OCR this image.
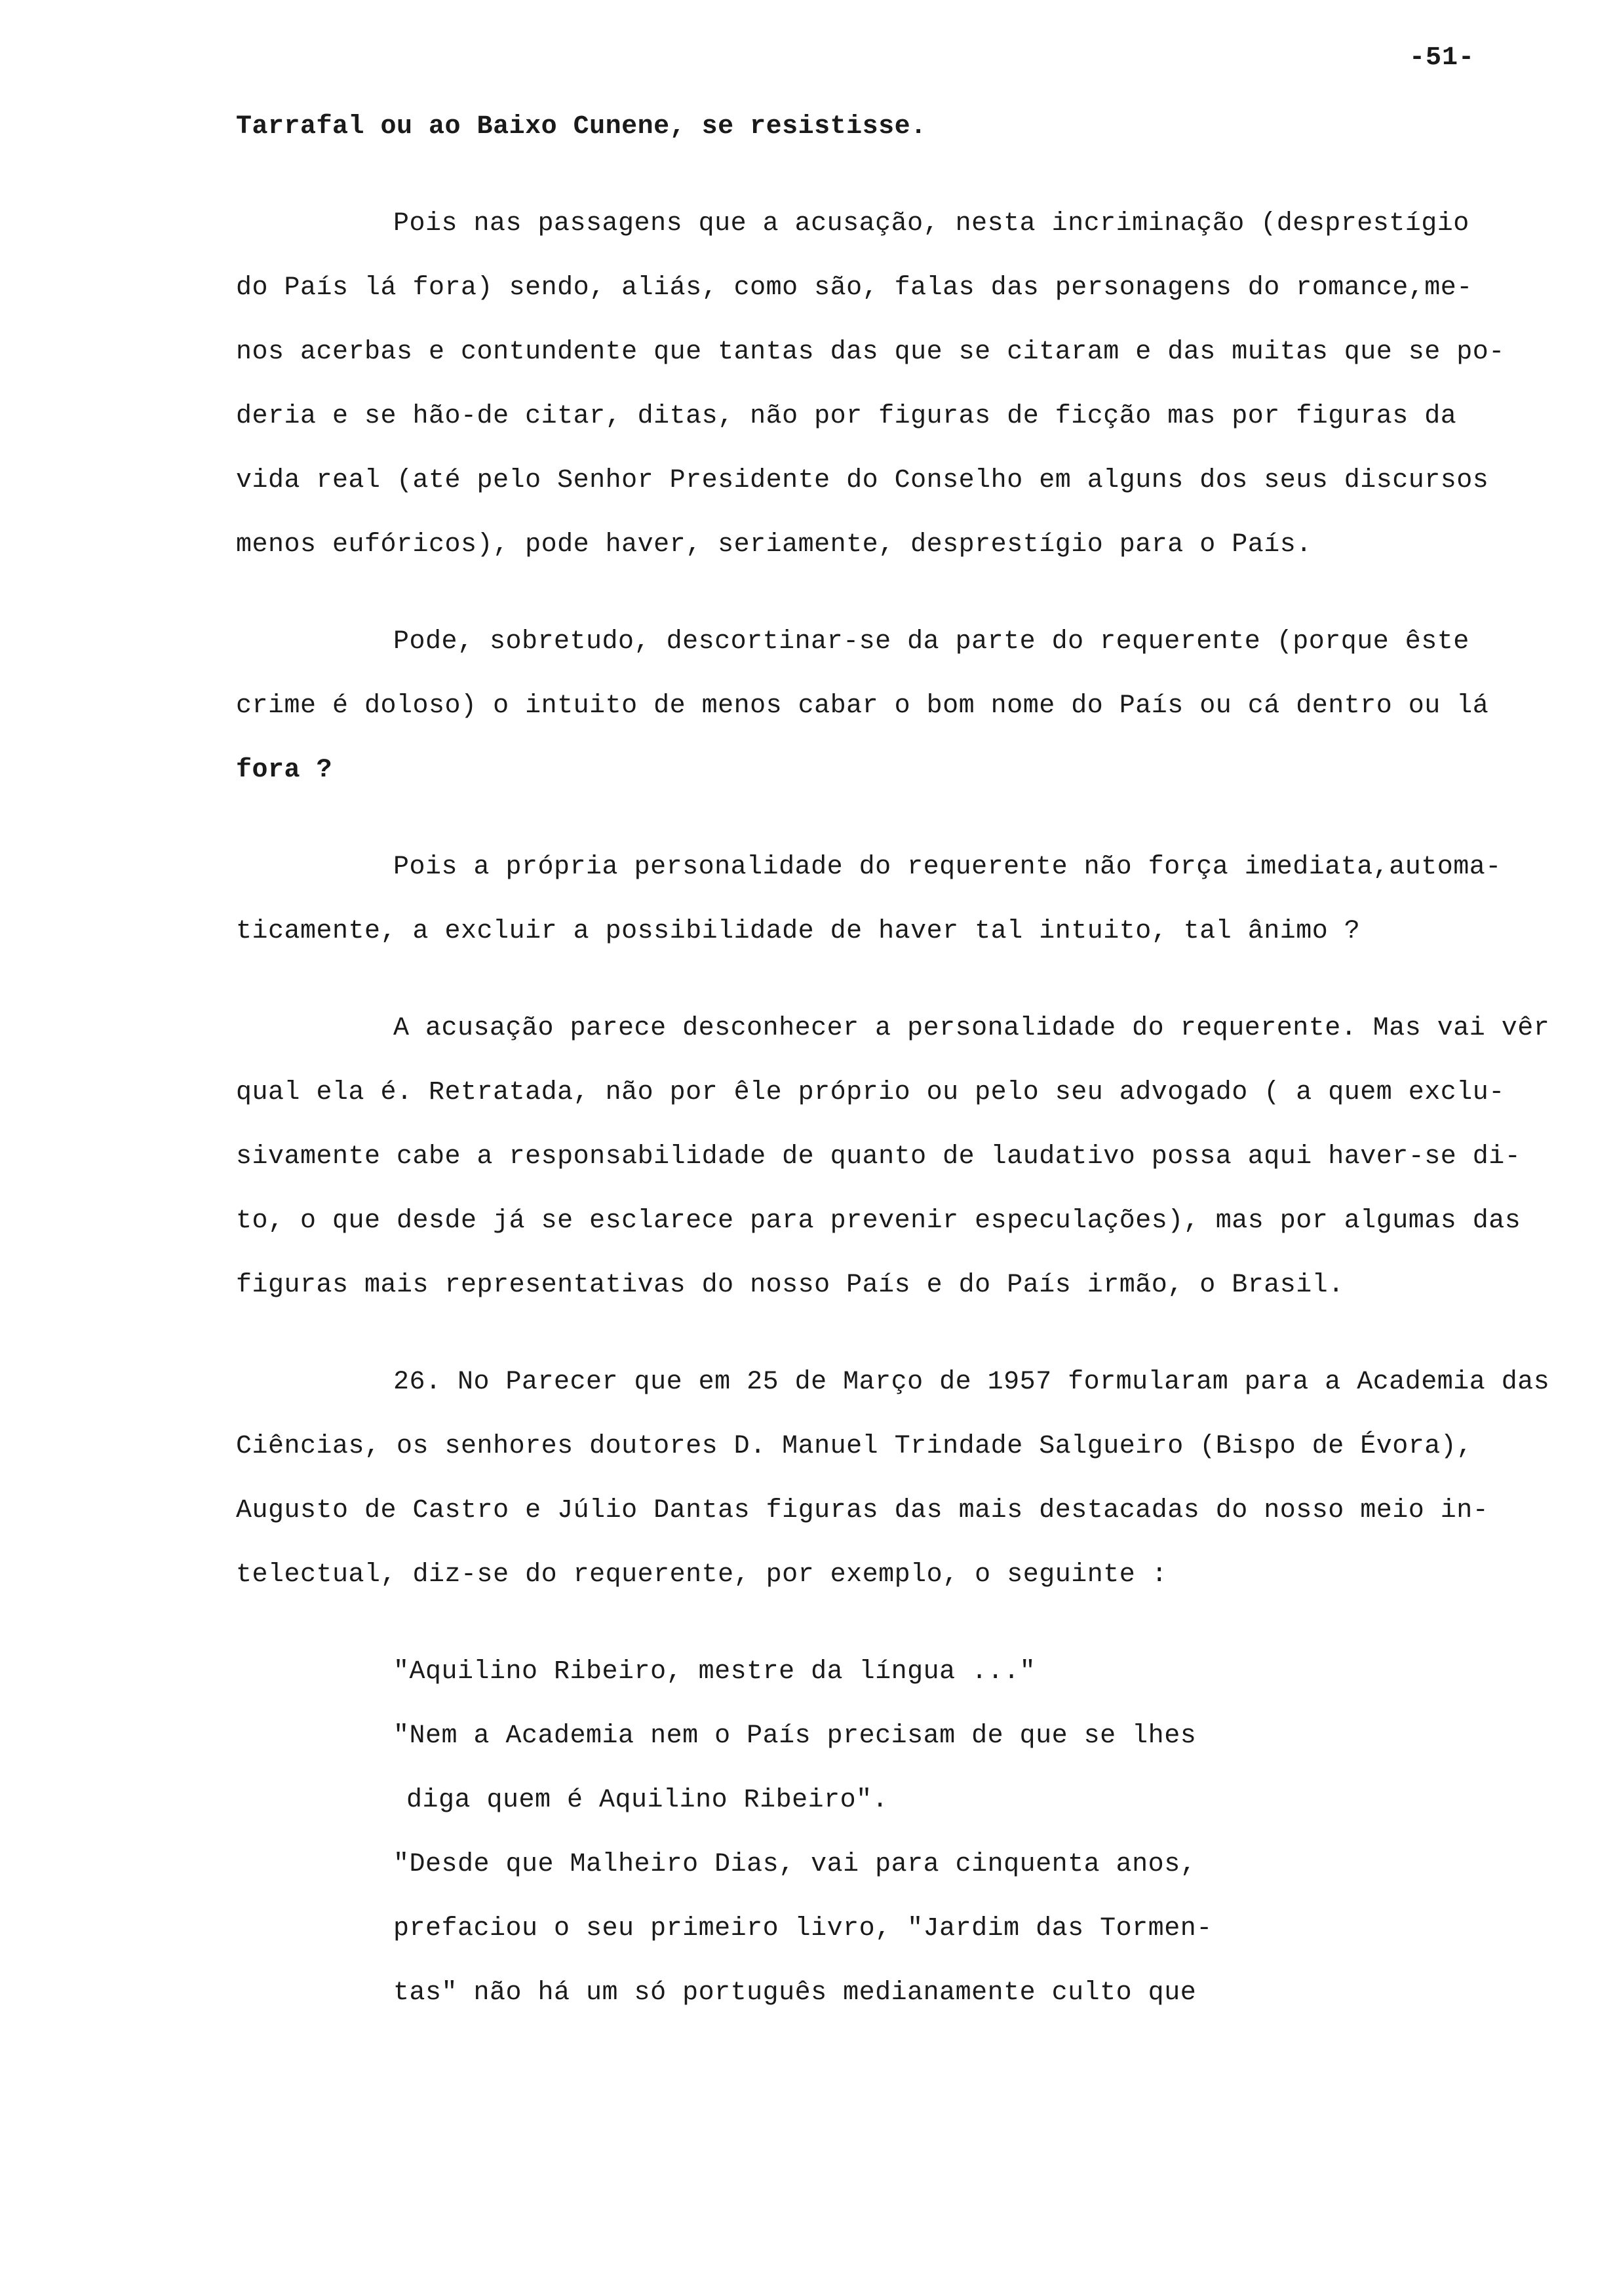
-51-
Tarrafal ou ao Baixo Cunene, se resistisse.
Pois nas passagens que a acusação, nesta incriminação (desprestígio
do País lá fora) sendo, aliás, como são, falas das personagens do romance,me-
nos acerbas e contundente que tantas das que se citaram e das muitas que se po-
deria e se hão-de citar, ditas, não por figuras de ficção mas por figuras da
vida real (até pelo Senhor Presidente do Conselho em alguns dos seus discursos
menos eufóricos), pode haver, seriamente, desprestígio para o País.
Pode, sobretudo, descortinar-se da parte do requerente (porque êste
crime é doloso) o intuito de menos cabar o bom nome do País ou cá dentro ou lá
fora ?
Pois a própria personalidade do requerente não força imediata,automa-
ticamente, a excluir a possibilidade de haver tal intuito, tal ânimo ?
A acusação parece desconhecer a personalidade do requerente. Mas vai vêr
qual ela é. Retratada, não por êle próprio ou pelo seu advogado ( a quem exclu-
sivamente cabe a responsabilidade de quanto de laudativo possa aqui haver-se di-
to, o que desde já se esclarece para prevenir especulações), mas por algumas das
figuras mais representativas do nosso País e do País irmão, o Brasil.
26. No Parecer que em 25 de Março de 1957 formularam para a Academia das
Ciências, os senhores doutores D. Manuel Trindade Salgueiro (Bispo de Évora),
Augusto de Castro e Júlio Dantas figuras das mais destacadas do nosso meio in-
telectual, diz-se do requerente, por exemplo, o seguinte :
"Aquilino Ribeiro, mestre da língua ..."
"Nem a Academia nem o País precisam de que se lhes
diga quem é Aquilino Ribeiro".
"Desde que Malheiro Dias, vai para cinquenta anos,
prefaciou o seu primeiro livro, "Jardim das Tormen-
tas" não há um só português medianamente culto que
